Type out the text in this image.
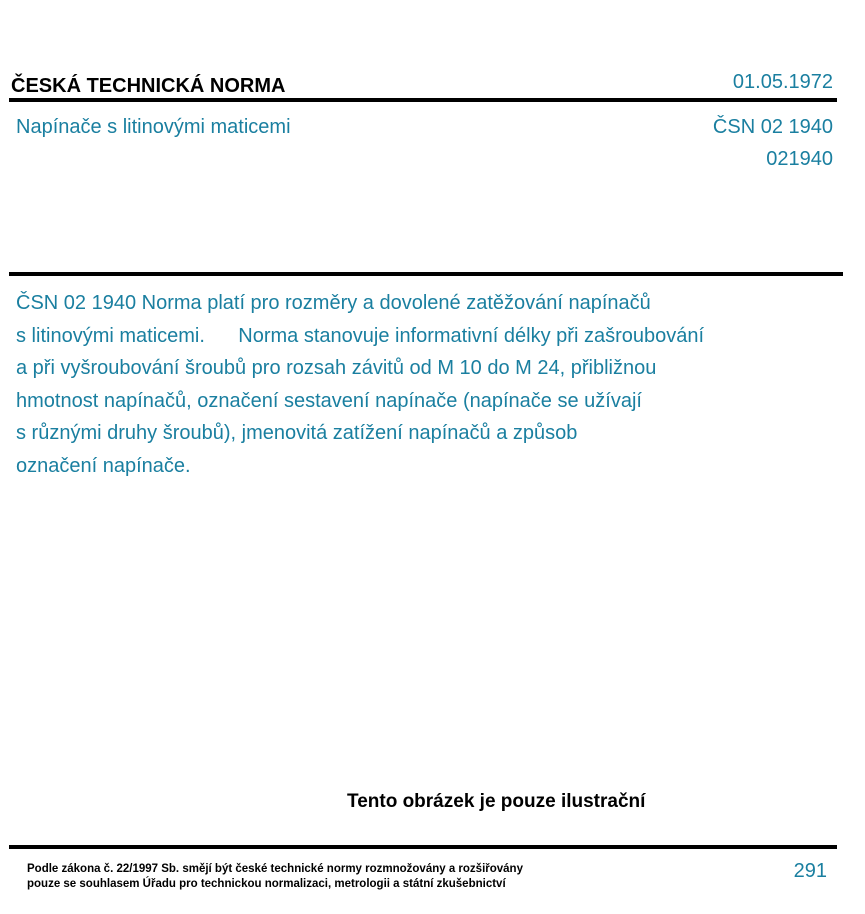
ČESKÁ TECHNICKÁ NORMA	01.05.1972
Napínače s litinovými maticemi	ČSN 02 1940
021940
ČSN 02 1940 Norma platí pro rozměry a dovolené zatěžování napínačů
s litinovými maticemi.      Norma stanovuje informativní délky při zašroubování
a při vyšroubování šroubů pro rozsah závitů od M 10 do M 24, přibližnou
hmotnost napínačů, označení sestavení napínače (napínače se užívají
s různými druhy šroubů), jmenovitá zatížení napínačů a způsob
označení napínače.
Tento obrázek je pouze ilustrační
Podle zákona č. 22/1997 Sb. smějí být české technické normy rozmnožovány a rozšiřovány
pouze se souhlasem Úřadu pro technickou normalizaci, metrologii a státní zkušebnictví
291
